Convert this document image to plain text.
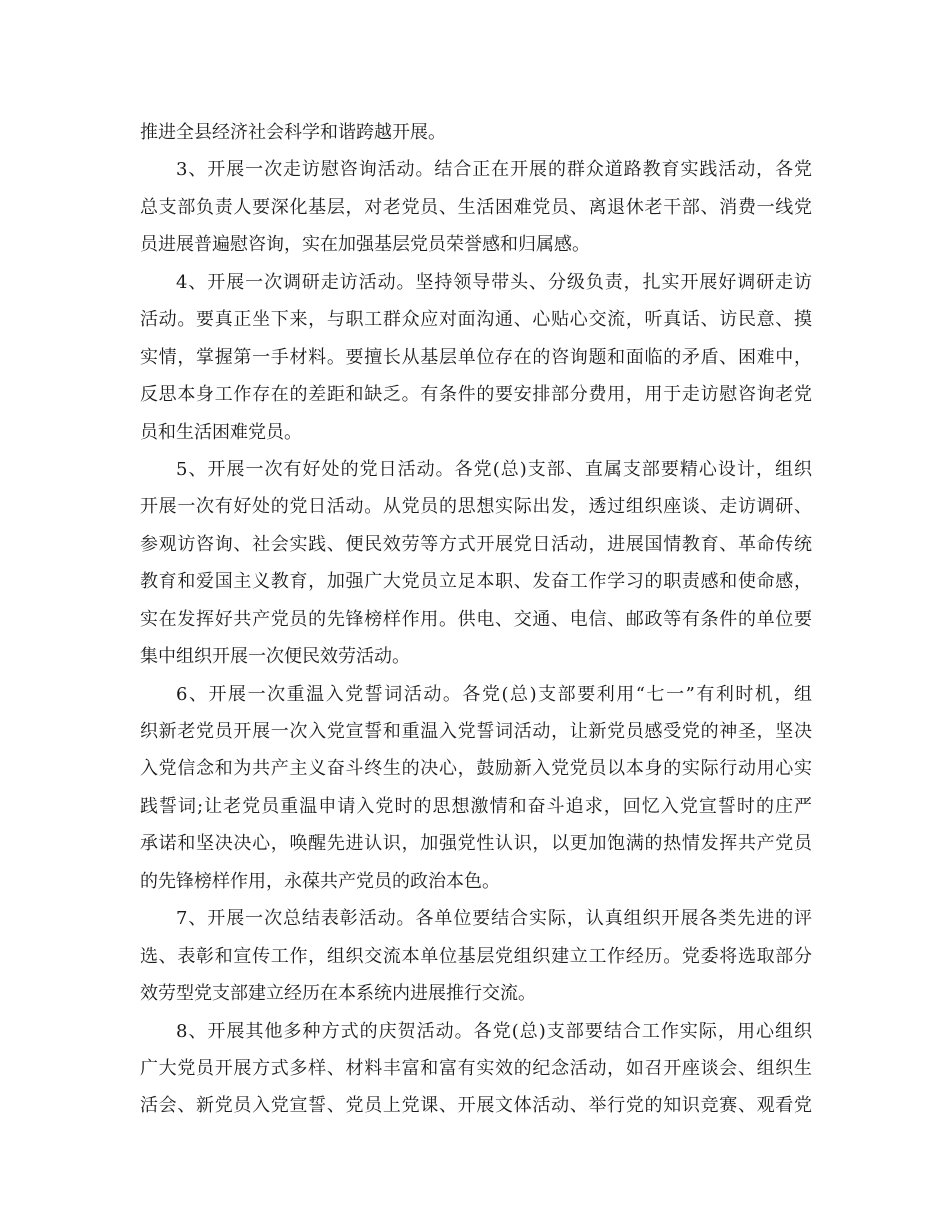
推进全县经济社会科学和谐跨越开展。
3、开展一次走访慰咨询活动。结合正在开展的群众道路教育实践活动，各党
总支部负责人要深化基层，对老党员、生活困难党员、离退休老干部、消费一线党
员进展普遍慰咨询，实在加强基层党员荣誉感和归属感。
4、开展一次调研走访活动。坚持领导带头、分级负责，扎实开展好调研走访
活动。要真正坐下来，与职工群众应对面沟通、心贴心交流，听真话、访民意、摸
实情，掌握第一手材料。要擅长从基层单位存在的咨询题和面临的矛盾、困难中，
反思本身工作存在的差距和缺乏。有条件的要安排部分费用，用于走访慰咨询老党
员和生活困难党员。
5、开展一次有好处的党日活动。各党(总)支部、直属支部要精心设计，组织
开展一次有好处的党日活动。从党员的思想实际出发，透过组织座谈、走访调研、
参观访咨询、社会实践、便民效劳等方式开展党日活动，进展国情教育、革命传统
教育和爱国主义教育，加强广大党员立足本职、发奋工作学习的职责感和使命感，
实在发挥好共产党员的先锋榜样作用。供电、交通、电信、邮政等有条件的单位要
集中组织开展一次便民效劳活动。
6、开展一次重温入党誓词活动。各党(总)支部要利用“七一”有利时机，组
织新老党员开展一次入党宣誓和重温入党誓词活动，让新党员感受党的神圣，坚决
入党信念和为共产主义奋斗终生的决心，鼓励新入党党员以本身的实际行动用心实
践誓词;让老党员重温申请入党时的思想激情和奋斗追求，回忆入党宣誓时的庄严
承诺和坚决决心，唤醒先进认识，加强党性认识，以更加饱满的热情发挥共产党员
的先锋榜样作用，永葆共产党员的政治本色。
7、开展一次总结表彰活动。各单位要结合实际，认真组织开展各类先进的评
选、表彰和宣传工作，组织交流本单位基层党组织建立工作经历。党委将选取部分
效劳型党支部建立经历在本系统内进展推行交流。
8、开展其他多种方式的庆贺活动。各党(总)支部要结合工作实际，用心组织
广大党员开展方式多样、材料丰富和富有实效的纪念活动，如召开座谈会、组织生
活会、新党员入党宣誓、党员上党课、开展文体活动、举行党的知识竞赛、观看党
